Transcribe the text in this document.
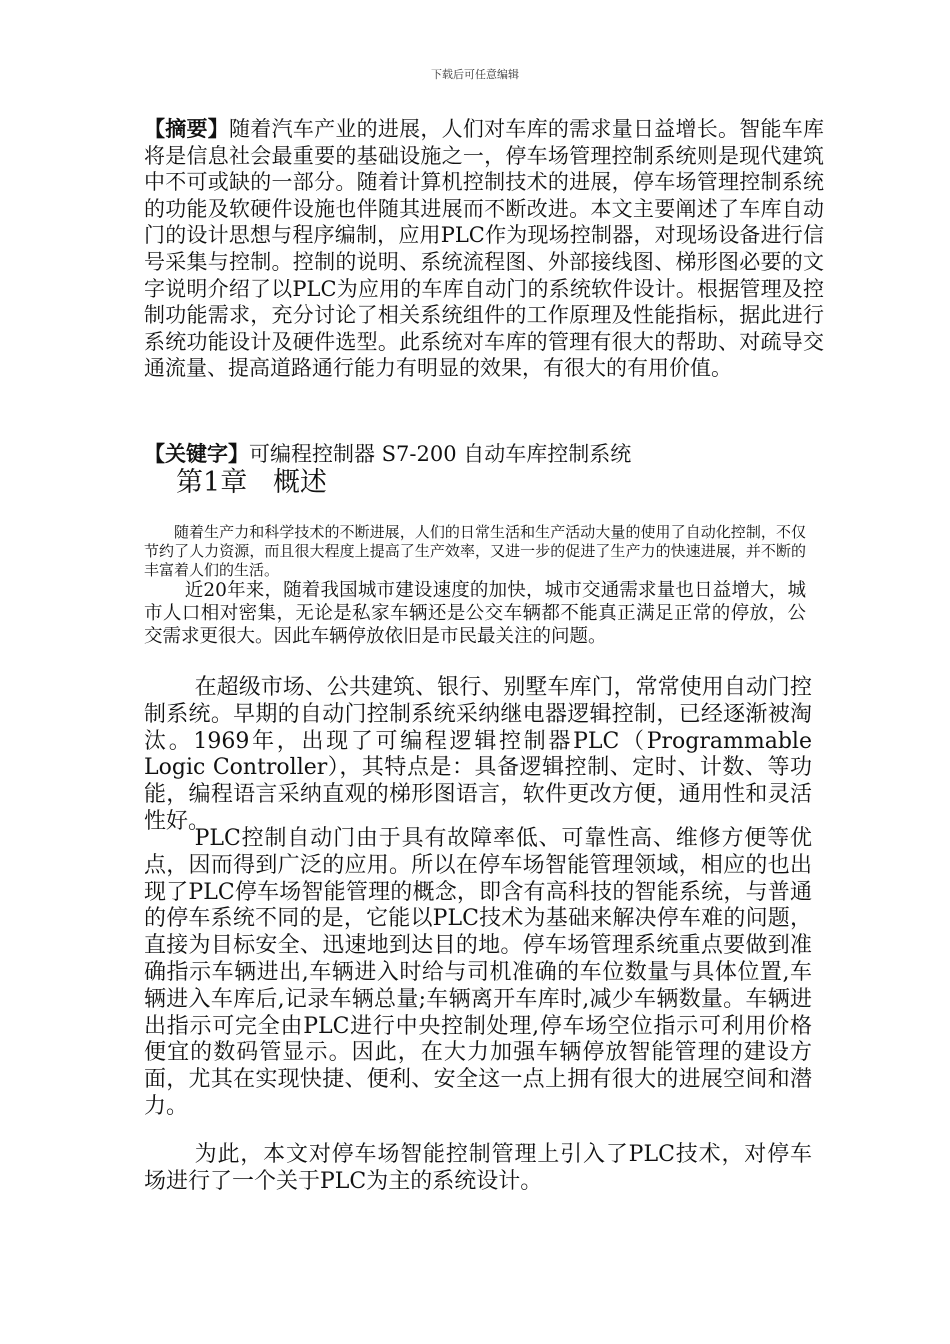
下载后可任意编辑
【摘要】随着汽车产业的进展，人们对车库的需求量日益增长。智能车库将是信息社会最重要的基础设施之一，停车场管理控制系统则是现代建筑中不可或缺的一部分。随着计算机控制技术的进展，停车场管理控制系统的功能及软硬件设施也伴随其进展而不断改进。本文主要阐述了车库自动门的设计思想与程序编制，应用PLC作为现场控制器，对现场设备进行信号采集与控制。控制的说明、系统流程图、外部接线图、梯形图必要的文字说明介绍了以PLC为应用的车库自动门的系统软件设计。根据管理及控制功能需求，充分讨论了相关系统组件的工作原理及性能指标，据此进行系统功能设计及硬件选型。此系统对车库的管理有很大的帮助、对疏导交通流量、提高道路通行能力有明显的效果，有很大的有用价值。
【关键字】可编程控制器 S7-200 自动车库控制系统
第1章 概述

随着生产力和科学技术的不断进展，人们的日常生活和生产活动大量的使用了自动化控制，不仅节约了人力资源，而且很大程度上提高了生产效率，又进一步的促进了生产力的快速进展，并不断的丰富着人们的生活。

近20年来，随着我国城市建设速度的加快，城市交通需求量也日益增大，城市人口相对密集，无论是私家车辆还是公交车辆都不能真正满足正常的停放，公交需求更很大。因此车辆停放依旧是市民最关注的问题。

在超级市场、公共建筑、银行、别墅车库门，常常使用自动门控制系统。早期的自动门控制系统采纳继电器逻辑控制，已经逐渐被淘汰。1969年，出现了可编程逻辑控制器PLC（Programmable Logic Controller），其特点是：具备逻辑控制、定时、计数、等功能，编程语言采纳直观的梯形图语言，软件更改方便，通用性和灵活性好。

PLC控制自动门由于具有故障率低、可靠性高、维修方便等优点，因而得到广泛的应用。所以在停车场智能管理领域，相应的也出现了PLC停车场智能管理的概念，即含有高科技的智能系统，与普通的停车系统不同的是，它能以PLC技术为基础来解决停车难的问题，直接为目标安全、迅速地到达目的地。停车场管理系统重点要做到准确指示车辆进出,车辆进入时给与司机准确的车位数量与具体位置,车辆进入车库后,记录车辆总量;车辆离开车库时,减少车辆数量。车辆进出指示可完全由PLC进行中央控制处理,停车场空位指示可利用价格便宜的数码管显示。因此，在大力加强车辆停放智能管理的建设方面，尤其在实现快捷、便利、安全这一点上拥有很大的进展空间和潜力。

为此，本文对停车场智能控制管理上引入了PLC技术，对停车场进行了一个关于PLC为主的系统设计。
